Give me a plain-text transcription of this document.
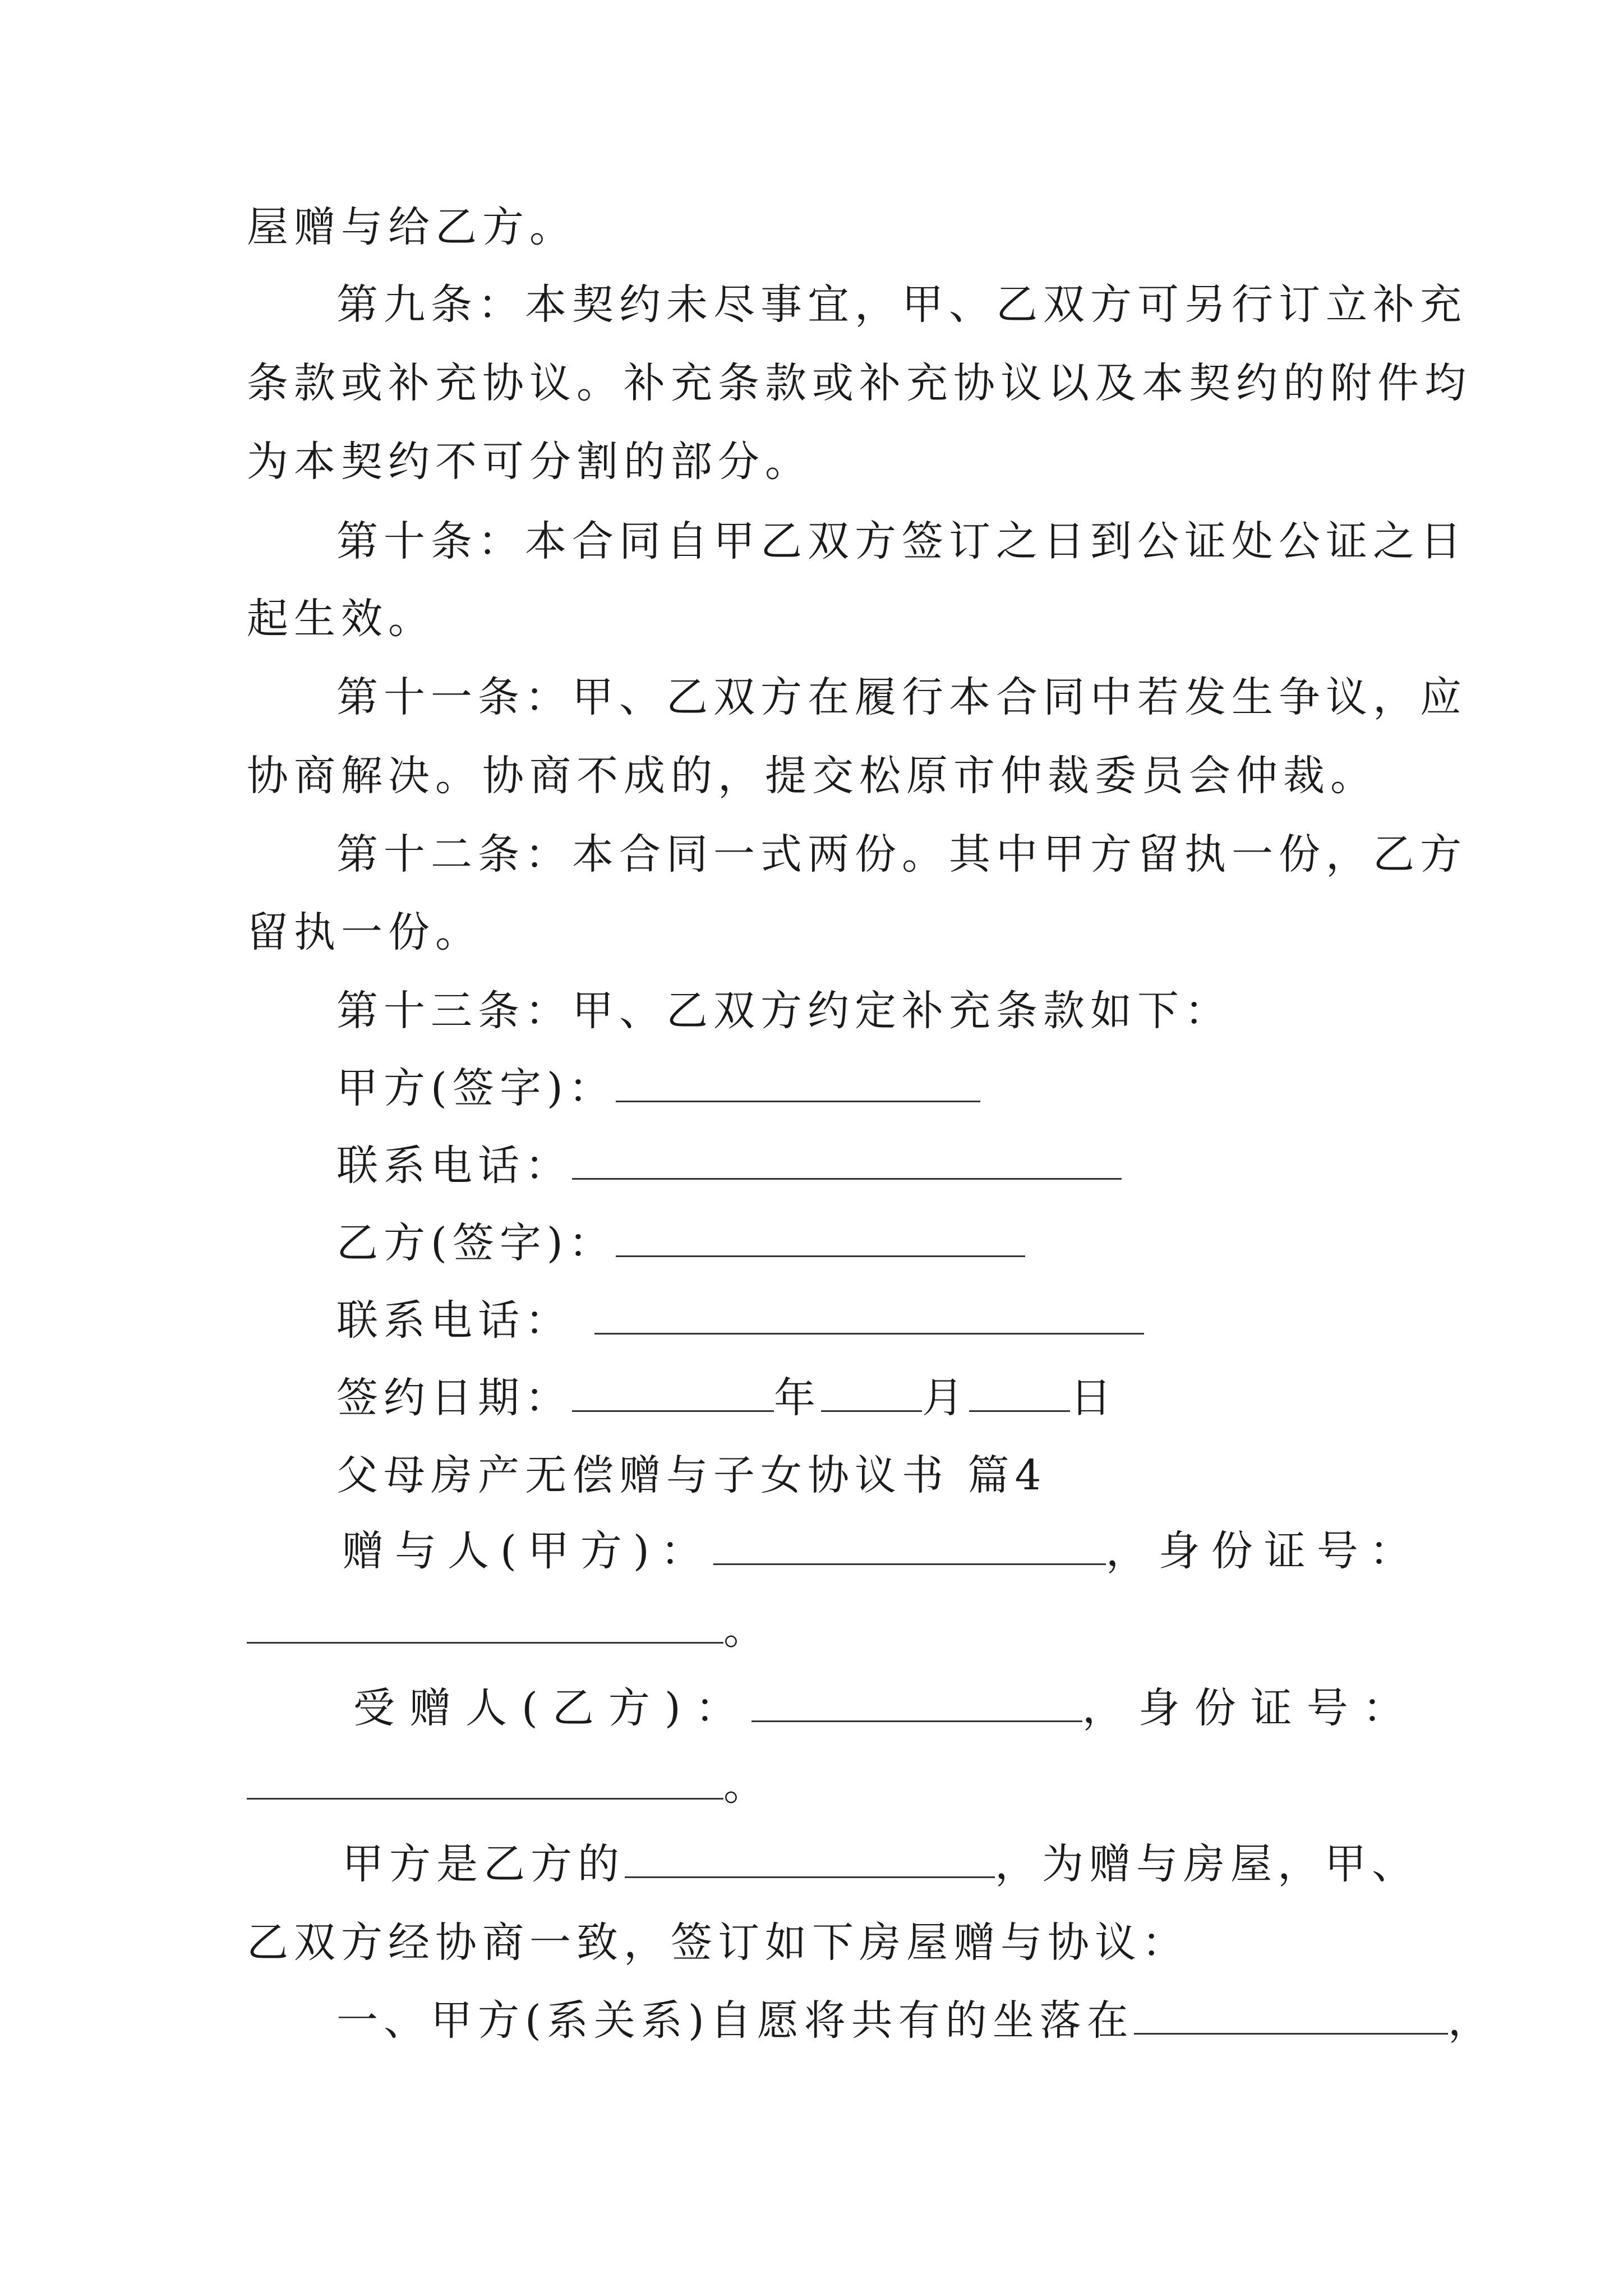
屋赠与给乙方。
第九条：本契约未尽事宜，甲、乙双方可另行订立补充
条款或补充协议。补充条款或补充协议以及本契约的附件均
为本契约不可分割的部分。
第十条：本合同自甲乙双方签订之日到公证处公证之日
起生效。
第十一条：甲、乙双方在履行本合同中若发生争议，应
协商解决。协商不成的，提交松原市仲裁委员会仲裁。
第十二条：本合同一式两份。其中甲方留执一份，乙方
留执一份。
第十三条：甲、乙双方约定补充条款如下：
甲方(签字)：
联系电话：
乙方(签字)：
联系电话：
签约日期：	年 月 日
父母房产无偿赠与子女协议书 篇4
赠与人(甲方)：	，身份证号：
。
受赠人(乙方)：	，身份证号：
。
甲方是乙方的	，为赠与房屋，甲、
乙双方经协商一致，签订如下房屋赠与协议：
一、甲方(系关系)自愿将共有的坐落在	，
